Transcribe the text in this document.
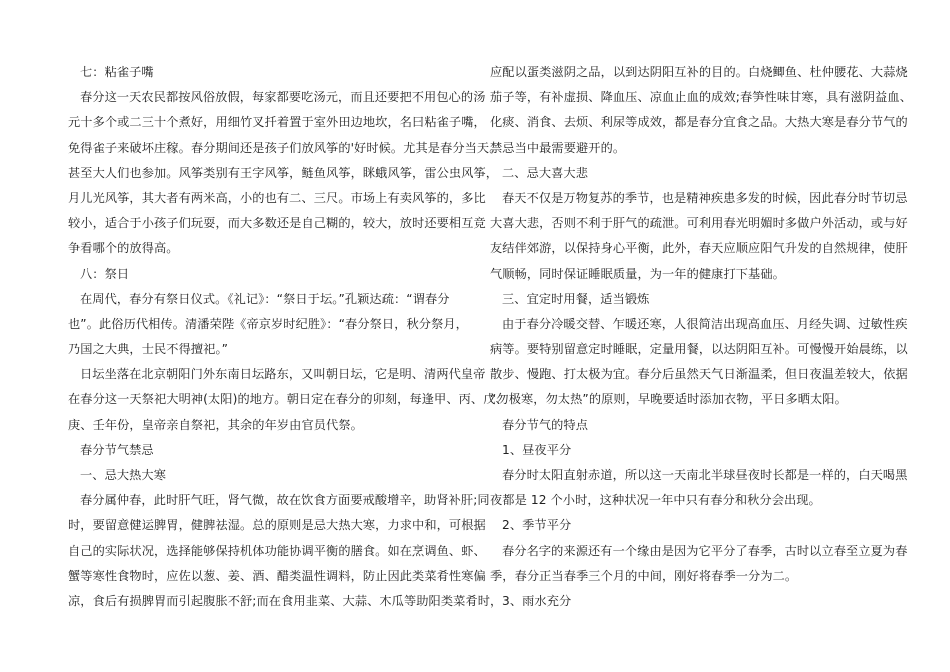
七：粘雀子嘴
春分这一天农民都按风俗放假，每家都要吃汤元，而且还要把不用包心的汤
元十多个或二三十个煮好，用细竹叉扦着置于室外田边地坎，名曰粘雀子嘴，
免得雀子来破坏庄稼。春分期间还是孩子们放风筝的'好时候。尤其是春分当天。
甚至大人们也参加。风筝类别有王字风筝，鲢鱼风筝，眯蛾风筝，雷公虫风筝，
月儿光风筝，其大者有两米高，小的也有二、三尺。市场上有卖风筝的，多比
较小，适合于小孩子们玩耍，而大多数还是自己糊的，较大，放时还要相互竞
争看哪个的放得高。
八：祭日
在周代，春分有祭日仪式。《礼记》：“祭日于坛。”孔颖达疏：“谓春分
也”。此俗历代相传。清潘荣陛《帝京岁时纪胜》：“春分祭日，秋分祭月，
乃国之大典，士民不得擅祀。”
日坛坐落在北京朝阳门外东南日坛路东，又叫朝日坛，它是明、清两代皇帝
在春分这一天祭祀大明神(太阳)的地方。朝日定在春分的卯刻，每逢甲、丙、戊、
庚、壬年份，皇帝亲自祭祀，其余的年岁由官员代祭。
春分节气禁忌
一、忌大热大寒
春分属仲春，此时肝气旺，肾气微，故在饮食方面要戒酸增辛，助肾补肝;同
时，要留意健运脾胃，健脾祛湿。总的原则是忌大热大寒，力求中和，可根据
自己的实际状况，选择能够保持机体功能协调平衡的膳食。如在烹调鱼、虾、
蟹等寒性食物时，应佐以葱、姜、酒、醋类温性调料，防止因此类菜肴性寒偏
凉，食后有损脾胃而引起腹胀不舒;而在食用韭菜、大蒜、木瓜等助阳类菜肴时，
应配以蛋类滋阴之品，以到达阴阳互补的目的。白烧鲫鱼、杜仲腰花、大蒜烧
茄子等，有补虚损、降血压、凉血止血的成效;春笋性味甘寒，具有滋阴益血、
化痰、消食、去烦、利尿等成效，都是春分宜食之品。大热大寒是春分节气的
禁忌当中最需要避开的。
二、忌大喜大悲
春天不仅是万物复苏的季节，也是精神疾患多发的时候，因此春分时节切忌
大喜大悲，否则不利于肝气的疏泄。可利用春光明媚时多做户外活动，或与好
友结伴郊游，以保持身心平衡，此外，春天应顺应阳气升发的自然规律，使肝
气顺畅，同时保证睡眠质量，为一年的健康打下基础。
三、宜定时用餐，适当锻炼
由于春分冷暖交替、乍暖还寒，人很简洁出现高血压、月经失调、过敏性疾
病等。要特别留意定时睡眠，定量用餐，以达阴阳互补。可慢慢开始晨练，以
散步、慢跑、打太极为宜。春分后虽然天气日渐温柔，但日夜温差较大，依据
“勿极寒，勿太热”的原则，早晚要适时添加衣物，平日多晒太阳。
春分节气的特点
1、昼夜平分
春分时太阳直射赤道，所以这一天南北半球昼夜时长都是一样的，白天喝黑
夜都是 12 个小时，这种状况一年中只有春分和秋分会出现。
2、季节平分
春分名字的来源还有一个缘由是因为它平分了春季，古时以立春至立夏为春
季，春分正当春季三个月的中间，刚好将春季一分为二。
3、雨水充分
